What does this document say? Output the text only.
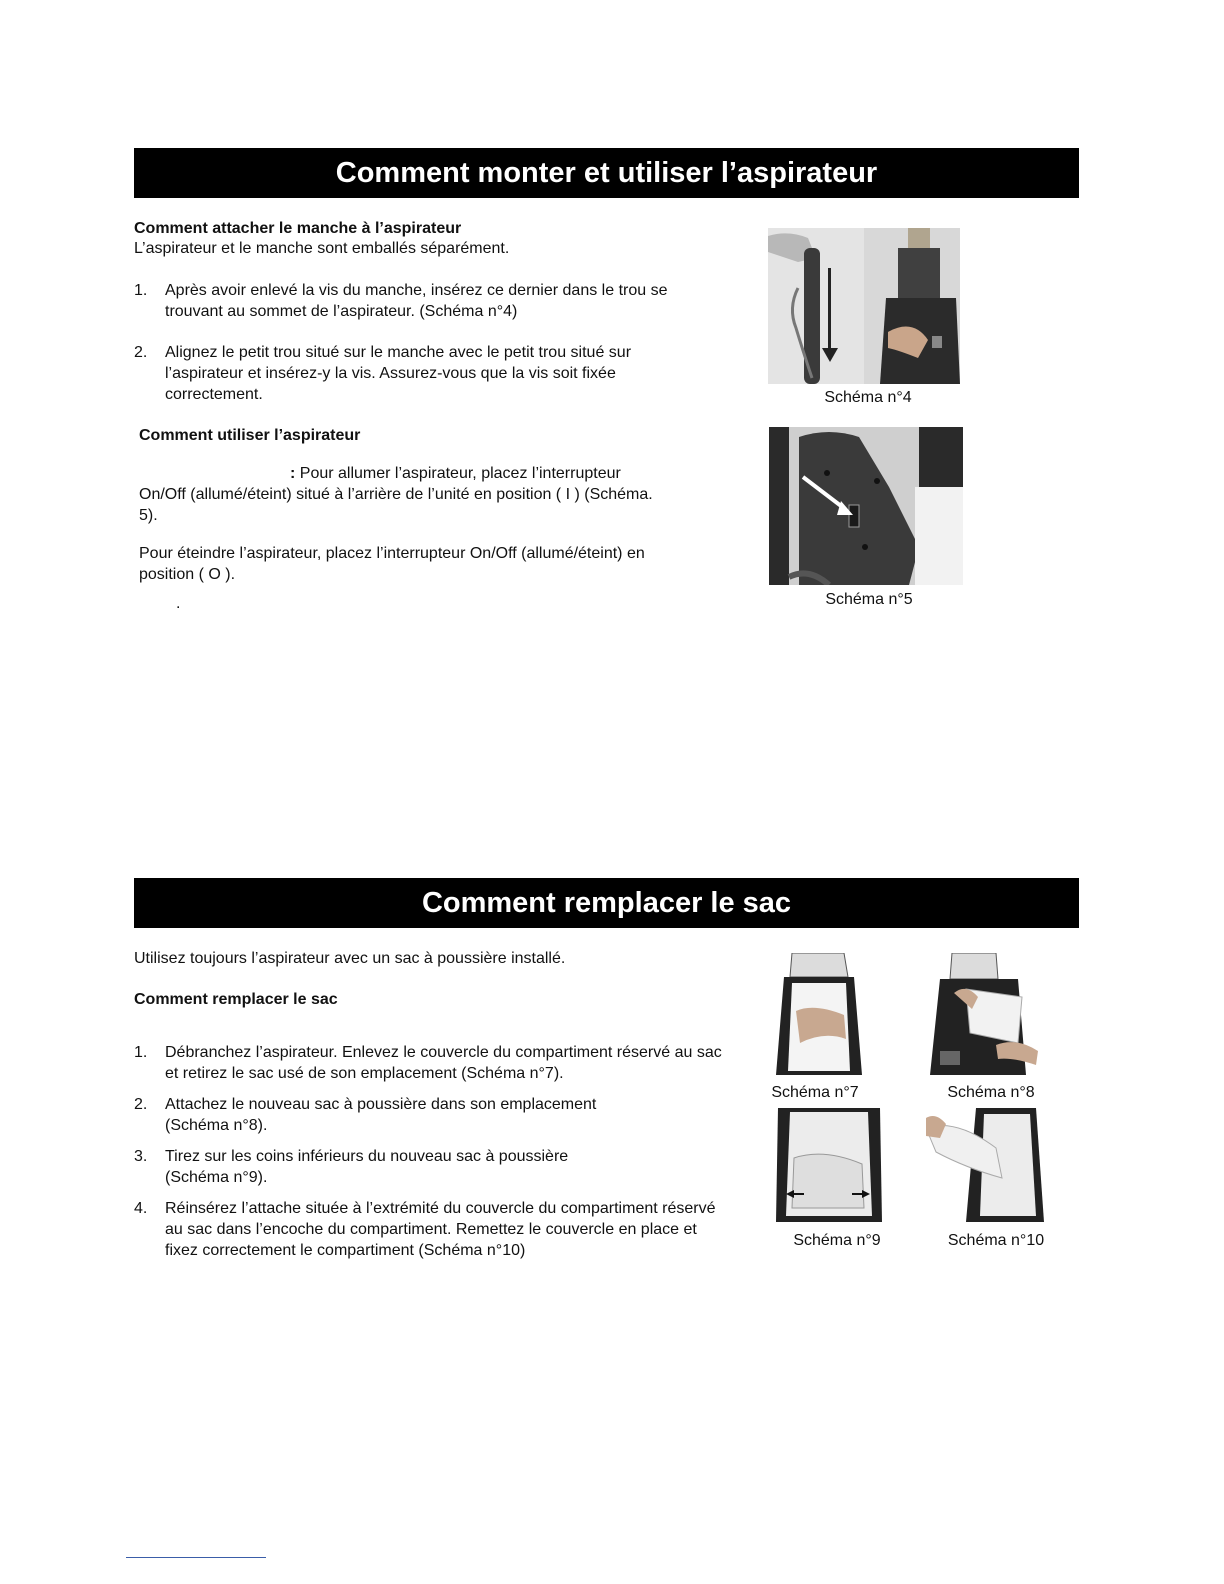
Comment monter et utiliser l’aspirateur

Comment attacher le manche à l’aspirateur

L’aspirateur et le manche sont emballés séparément.

1. Après avoir enlevé la vis du manche, insérez ce dernier dans le trou se trouvant au sommet de l’aspirateur. (Schéma n°4)

2. Alignez le petit trou situé sur le manche avec le petit trou situé sur l’aspirateur et insérez-y la vis. Assurez-vous que la vis soit fixée correctement.

Comment utiliser l’aspirateur

: Pour allumer l’aspirateur, placez l’interrupteur On/Off (allumé/éteint) situé à l’arrière de l’unité en position ( I ) (Schéma. 5).

Pour éteindre l’aspirateur, placez l’interrupteur On/Off (allumé/éteint) en position ( O ).

.
Schéma n°4
Schéma n°5
Comment remplacer le sac

Utilisez toujours l’aspirateur avec un sac à poussière installé.

Comment remplacer le sac

1. Débranchez l’aspirateur. Enlevez le couvercle du compartiment réservé au sac et retirez le sac usé de son emplacement (Schéma n°7).

2. Attachez le nouveau sac à poussière dans son emplacement (Schéma n°8).

3. Tirez sur les coins inférieurs du nouveau sac à poussière (Schéma n°9).

4. Réinsérez l’attache située à l’extrémité du couvercle du compartiment réservé au sac dans l’encoche du compartiment. Remettez le couvercle en place et fixez correctement le compartiment (Schéma n°10)

Schéma n°7	Schéma n°8
Schéma n°9	Schéma n°10
